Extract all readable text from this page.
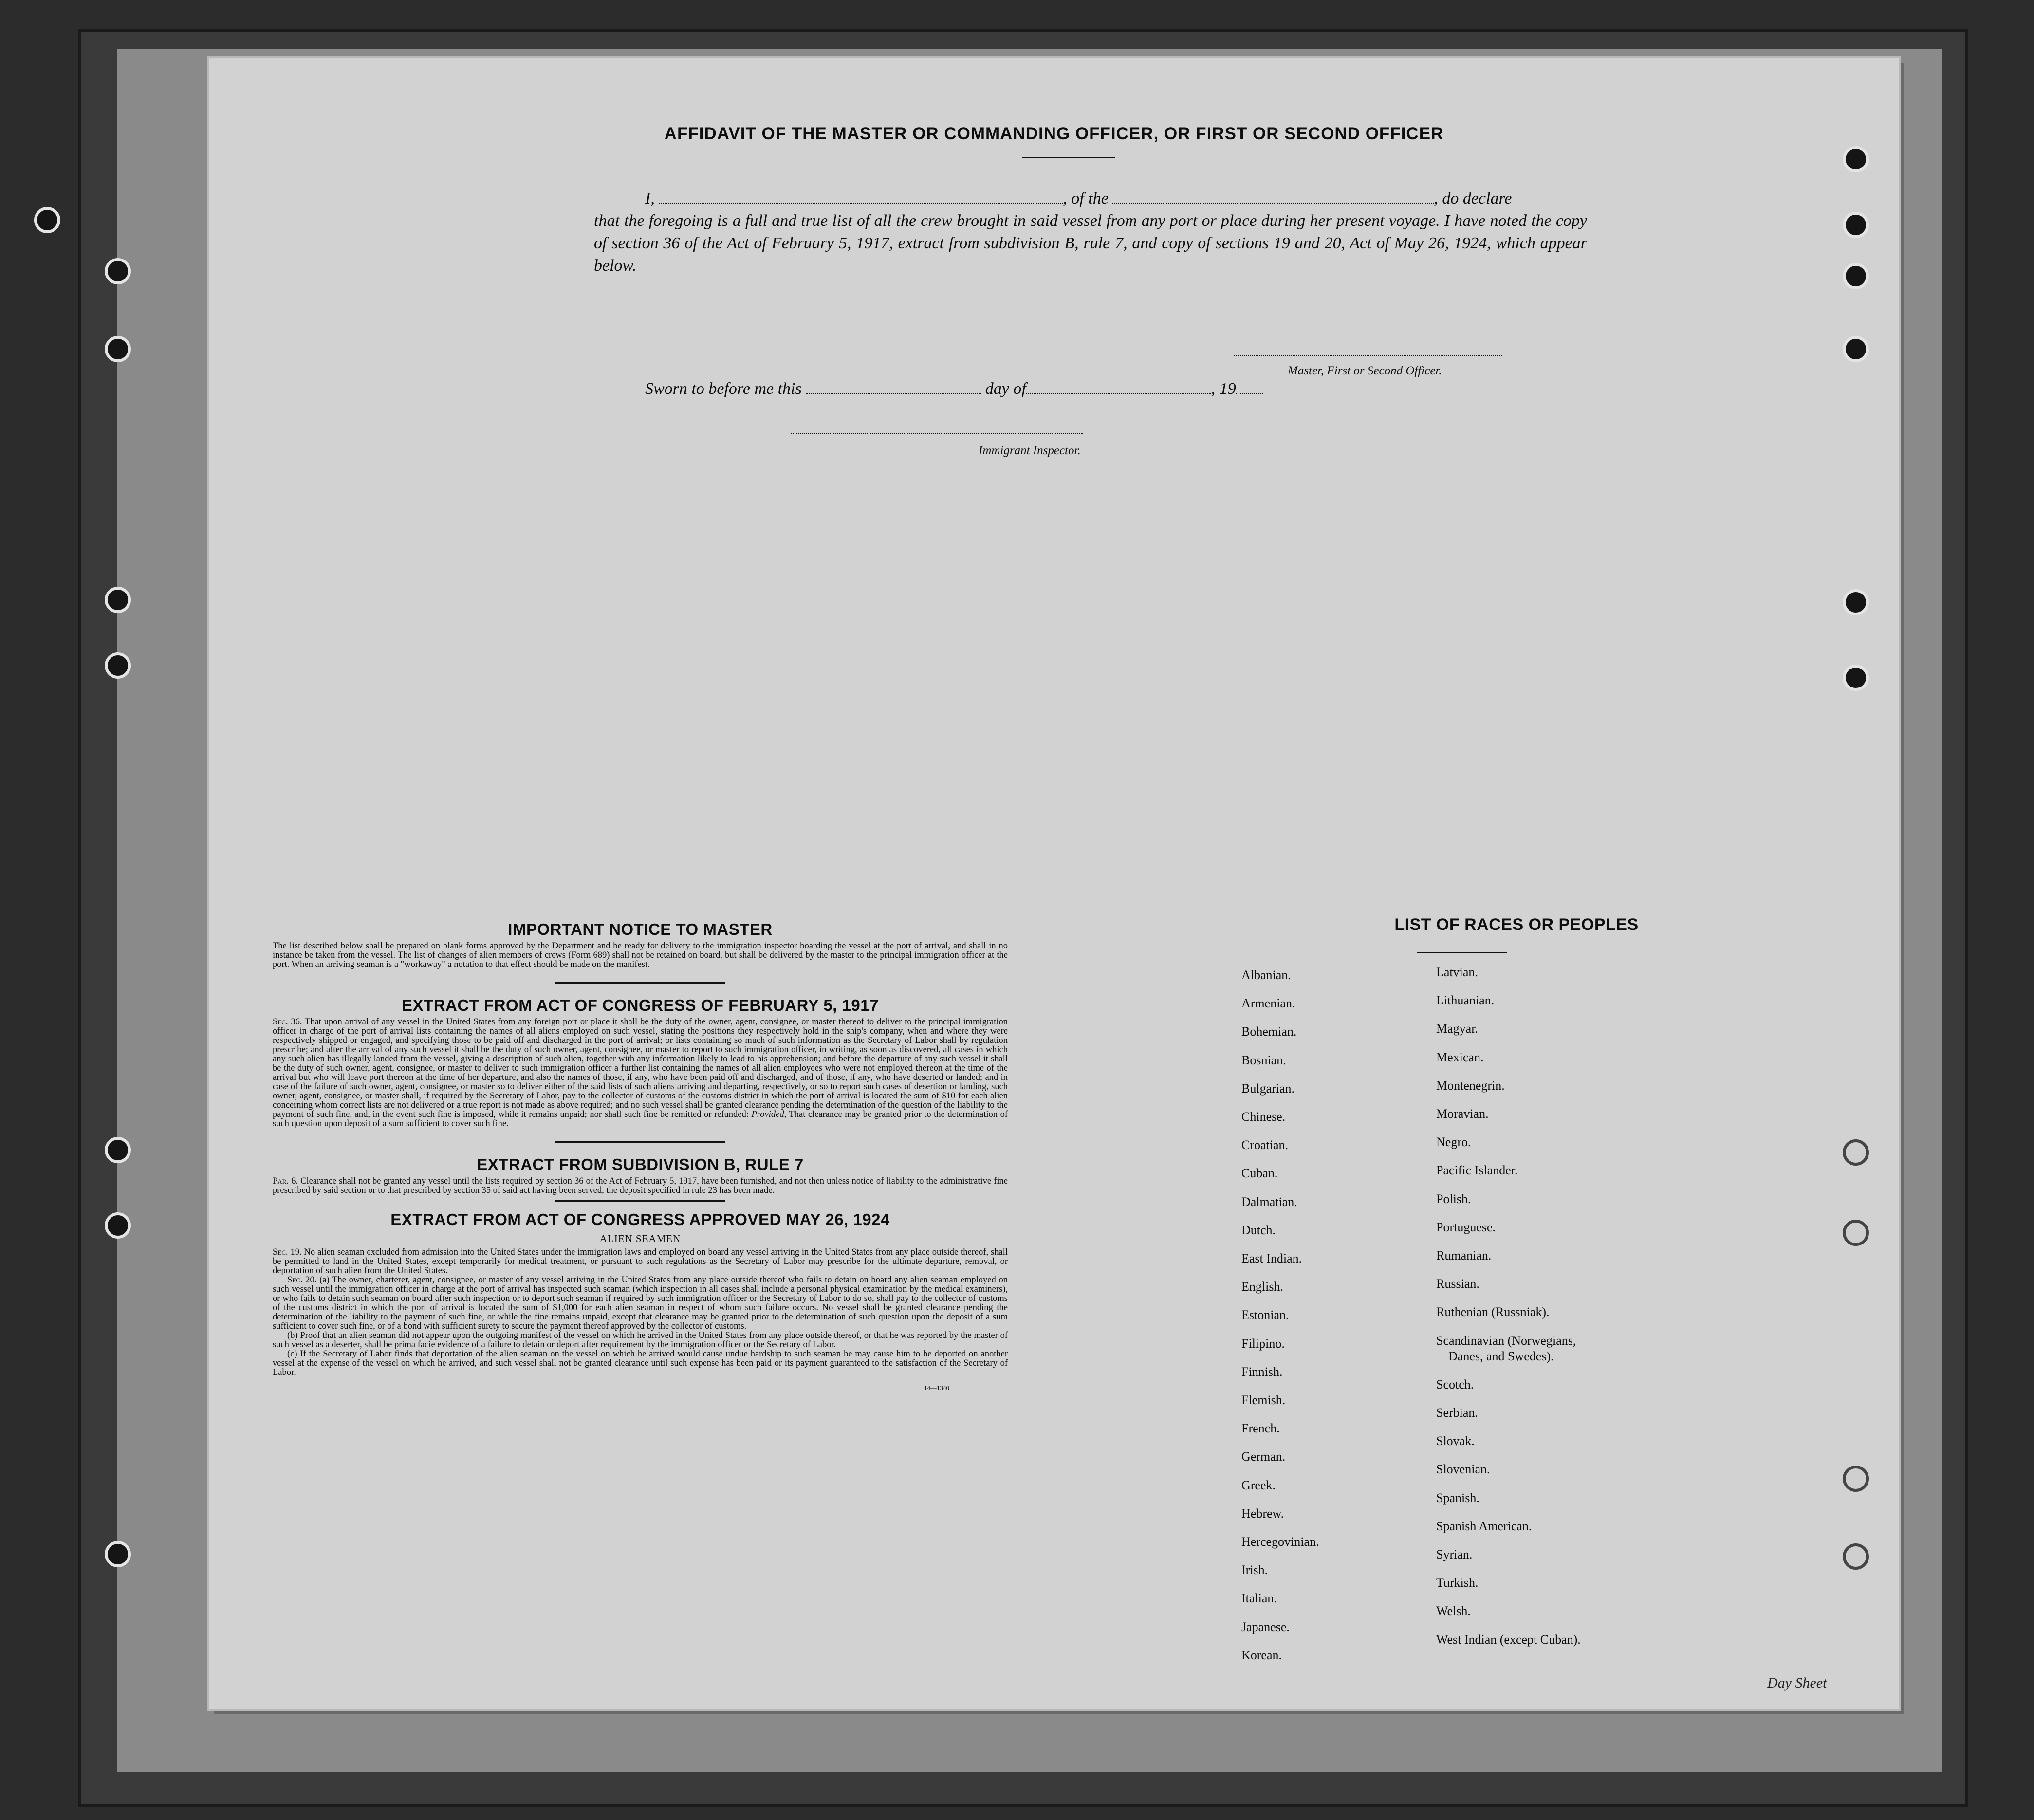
AFFIDAVIT OF THE MASTER OR COMMANDING OFFICER, OR FIRST OR SECOND OFFICER
I,	, of the	, do declare
that the foregoing is a full and true list of all the crew brought in said vessel from any port or place during her present voyage. I have noted the copy of section 36 of the Act of February 5, 1917, extract from subdivision B, rule 7, and copy of sections 19 and 20, Act of May 26, 1924, which appear below.
Master, First or Second Officer.
Sworn to before me this	day of	, 19
Immigrant Inspector.
IMPORTANT NOTICE TO MASTER

The list described below shall be prepared on blank forms approved by the Department and be ready for delivery to the immigration inspector boarding the vessel at the port of arrival, and shall in no instance be taken from the vessel. The list of changes of alien members of crews (Form 689) shall not be retained on board, but shall be delivered by the master to the principal immigration officer at the port. When an arriving seaman is a "workaway" a notation to that effect should be made on the manifest.

EXTRACT FROM ACT OF CONGRESS OF FEBRUARY 5, 1917

Sec. 36. That upon arrival of any vessel in the United States from any foreign port or place it shall be the duty of the owner, agent, consignee, or master thereof to deliver to the principal immigration officer in charge of the port of arrival lists containing the names of all aliens employed on such vessel, stating the positions they respectively hold in the ship's company, when and where they were respectively shipped or engaged, and specifying those to be paid off and discharged in the port of arrival; or lists containing so much of such information as the Secretary of Labor shall by regulation prescribe; and after the arrival of any such vessel it shall be the duty of such owner, agent, consignee, or master to report to such immigration officer, in writing, as soon as discovered, all cases in which any such alien has illegally landed from the vessel, giving a description of such alien, together with any information likely to lead to his apprehension; and before the departure of any such vessel it shall be the duty of such owner, agent, consignee, or master to deliver to such immigration officer a further list containing the names of all alien employees who were not employed thereon at the time of the arrival but who will leave port thereon at the time of her departure, and also the names of those, if any, who have been paid off and discharged, and of those, if any, who have deserted or landed; and in case of the failure of such owner, agent, consignee, or master so to deliver either of the said lists of such aliens arriving and departing, respectively, or so to report such cases of desertion or landing, such owner, agent, consignee, or master shall, if required by the Secretary of Labor, pay to the collector of customs of the customs district in which the port of arrival is located the sum of $10 for each alien concerning whom correct lists are not delivered or a true report is not made as above required; and no such vessel shall be granted clearance pending the determination of the question of the liability to the payment of such fine, and, in the event such fine is imposed, while it remains unpaid; nor shall such fine be remitted or refunded: Provided, That clearance may be granted prior to the determination of such question upon deposit of a sum sufficient to cover such fine.

EXTRACT FROM SUBDIVISION B, RULE 7

Par. 6. Clearance shall not be granted any vessel until the lists required by section 36 of the Act of February 5, 1917, have been furnished, and not then unless notice of liability to the administrative fine prescribed by said section or to that prescribed by section 35 of said act having been served, the deposit specified in rule 23 has been made.

EXTRACT FROM ACT OF CONGRESS APPROVED MAY 26, 1924
ALIEN SEAMEN

Sec. 19. No alien seaman excluded from admission into the United States under the immigration laws and employed on board any vessel arriving in the United States from any place outside thereof, shall be permitted to land in the United States, except temporarily for medical treatment, or pursuant to such regulations as the Secretary of Labor may prescribe for the ultimate departure, removal, or deportation of such alien from the United States.

Sec. 20. (a) The owner, charterer, agent, consignee, or master of any vessel arriving in the United States from any place outside thereof who fails to detain on board any alien seaman employed on such vessel until the immigration officer in charge at the port of arrival has inspected such seaman (which inspection in all cases shall include a personal physical examination by the medical examiners), or who fails to detain such seaman on board after such inspection or to deport such seaman if required by such immigration officer or the Secretary of Labor to do so, shall pay to the collector of customs of the customs district in which the port of arrival is located the sum of $1,000 for each alien seaman in respect of whom such failure occurs. No vessel shall be granted clearance pending the determination of the liability to the payment of such fine, or while the fine remains unpaid, except that clearance may be granted prior to the determination of such question upon the deposit of a sum sufficient to cover such fine, or of a bond with sufficient surety to secure the payment thereof approved by the collector of customs.

(b) Proof that an alien seaman did not appear upon the outgoing manifest of the vessel on which he arrived in the United States from any place outside thereof, or that he was reported by the master of such vessel as a deserter, shall be prima facie evidence of a failure to detain or deport after requirement by the immigration officer or the Secretary of Labor.

(c) If the Secretary of Labor finds that deportation of the alien seaman on the vessel on which he arrived would cause undue hardship to such seaman he may cause him to be deported on another vessel at the expense of the vessel on which he arrived, and such vessel shall not be granted clearance until such expense has been paid or its payment guaranteed to the satisfaction of the Secretary of Labor.

14—1340
LIST OF RACES OR PEOPLES
Day Sheet
Albanian.
Armenian.
Bohemian.
Bosnian.
Bulgarian.
Chinese.
Croatian.
Cuban.
Dalmatian.
Dutch.
East Indian.
English.
Estonian.
Filipino.
Finnish.
Flemish.
French.
German.
Greek.
Hebrew.
Hercegovinian.
Irish.
Italian.
Japanese.
Korean.
Latvian.
Lithuanian.
Magyar.
Mexican.
Montenegrin.
Moravian.
Negro.
Pacific Islander.
Polish.
Portuguese.
Rumanian.
Russian.
Ruthenian (Russniak).
Scandinavian (Norwegians,
Danes, and Swedes).
Scotch.
Serbian.
Slovak.
Slovenian.
Spanish.
Spanish American.
Syrian.
Turkish.
Welsh.
West Indian (except Cuban).
